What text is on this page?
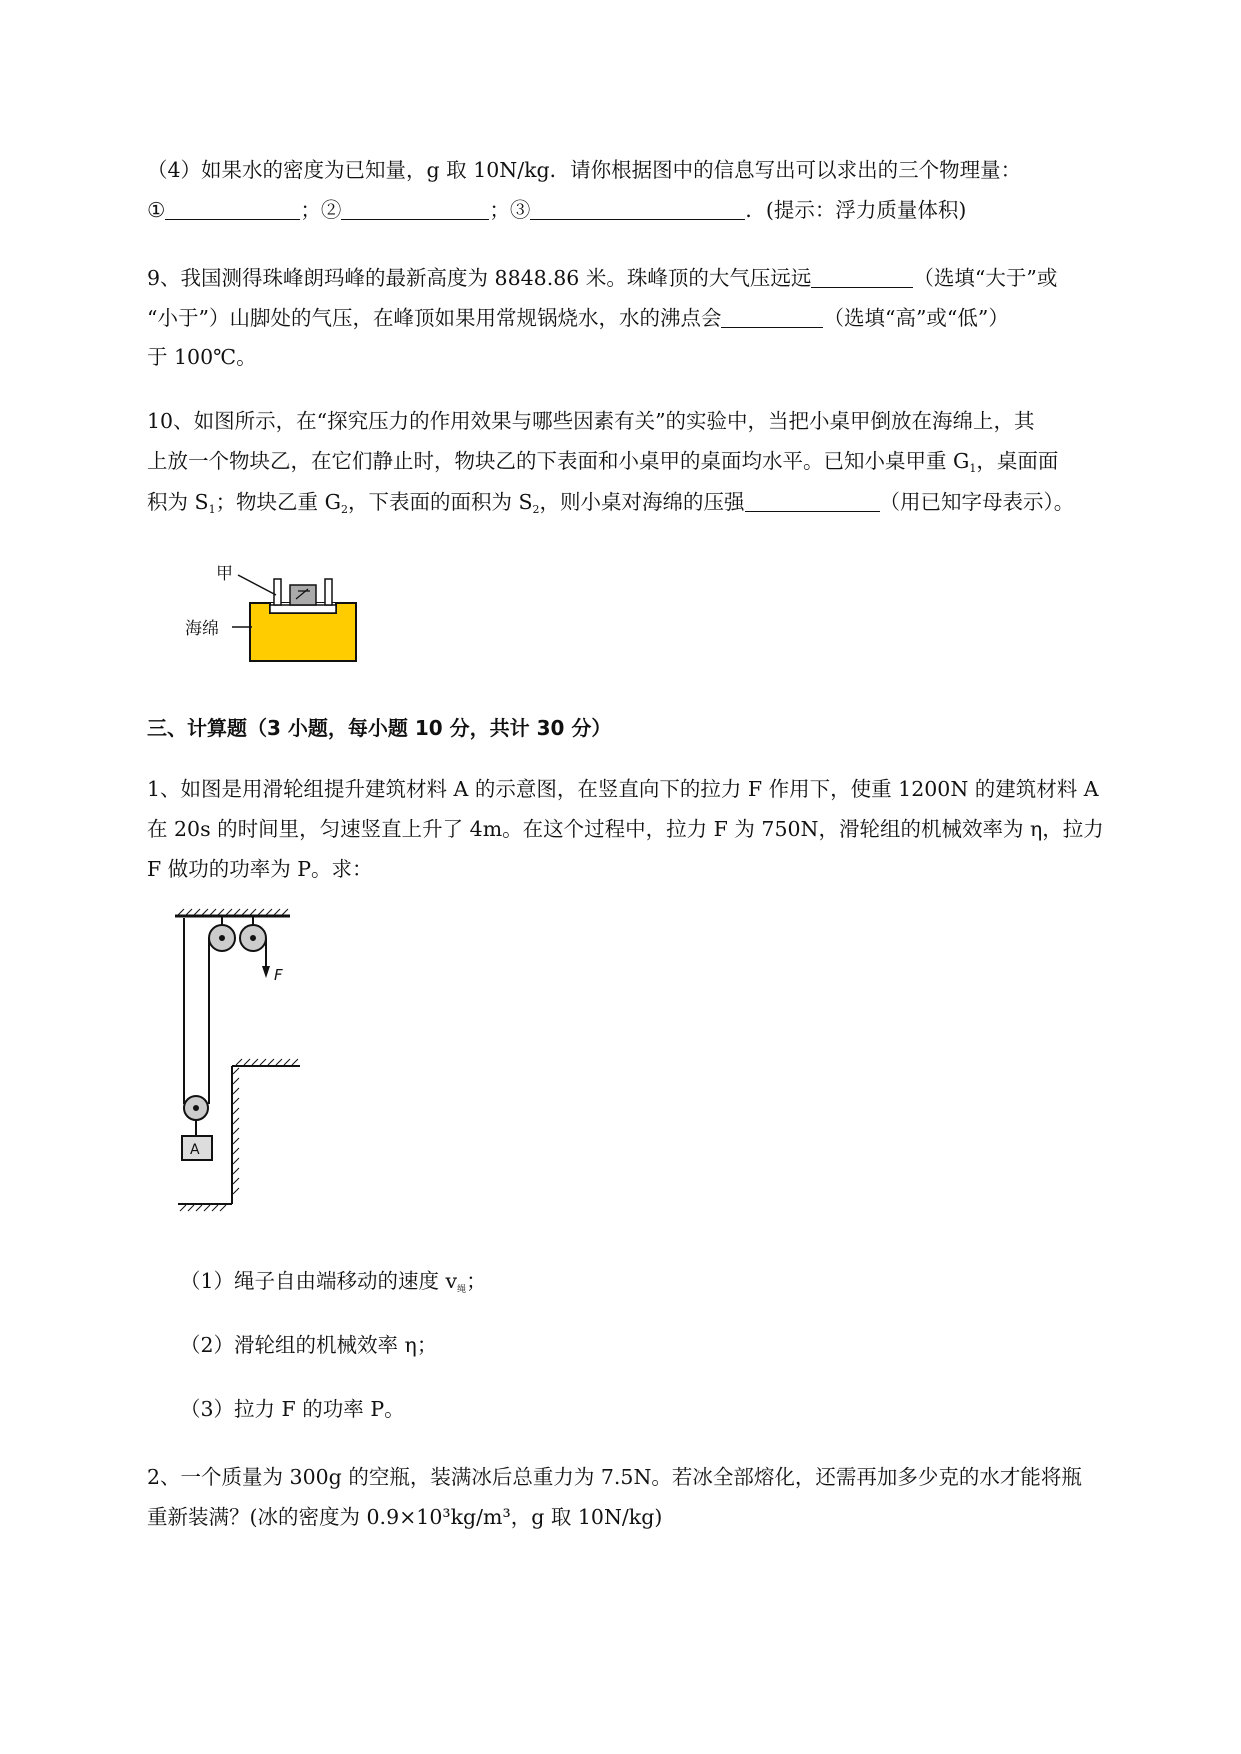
（4）如果水的密度为已知量，g 取 10N/kg．请你根据图中的信息写出可以求出的三个物理量：
①	；②	；③	．(提示：浮力质量体积)
9、我国测得珠峰朗玛峰的最新高度为 8848.86 米。珠峰顶的大气压远远	（选填“大于”或
“小于”）山脚处的气压，在峰顶如果用常规锅烧水，水的沸点会	（选填“高”或“低”）
于 100℃。
10、如图所示，在“探究压力的作用效果与哪些因素有关”的实验中，当把小桌甲倒放在海绵上，其
上放一个物块乙，在它们静止时，物块乙的下表面和小桌甲的桌面均水平。已知小桌甲重 $G_1$，桌面面
积为 $S_1$；物块乙重 $G_2$，下表面的面积为 $S_2$，则小桌对海绵的压强	（用已知字母表示）。
甲
海绵
三、计算题（3 小题，每小题 10 分，共计 30 分）
1、如图是用滑轮组提升建筑材料 A 的示意图，在竖直向下的拉力 F 作用下，使重 1200N 的建筑材料 A
在 20s 的时间里，匀速竖直上升了 4m。在这个过程中，拉力 F 为 750N，滑轮组的机械效率为 η，拉力
F 做功的功率为 P。求：
F
A
（1）绳子自由端移动的速度 $v_绳$；
（2）滑轮组的机械效率 η；
（3）拉力 F 的功率 P。
2、一个质量为 300g 的空瓶，装满冰后总重力为 7.5N。若冰全部熔化，还需再加多少克的水才能将瓶
重新装满？(冰的密度为 0.9×10³kg/m³，g 取 10N/kg)
